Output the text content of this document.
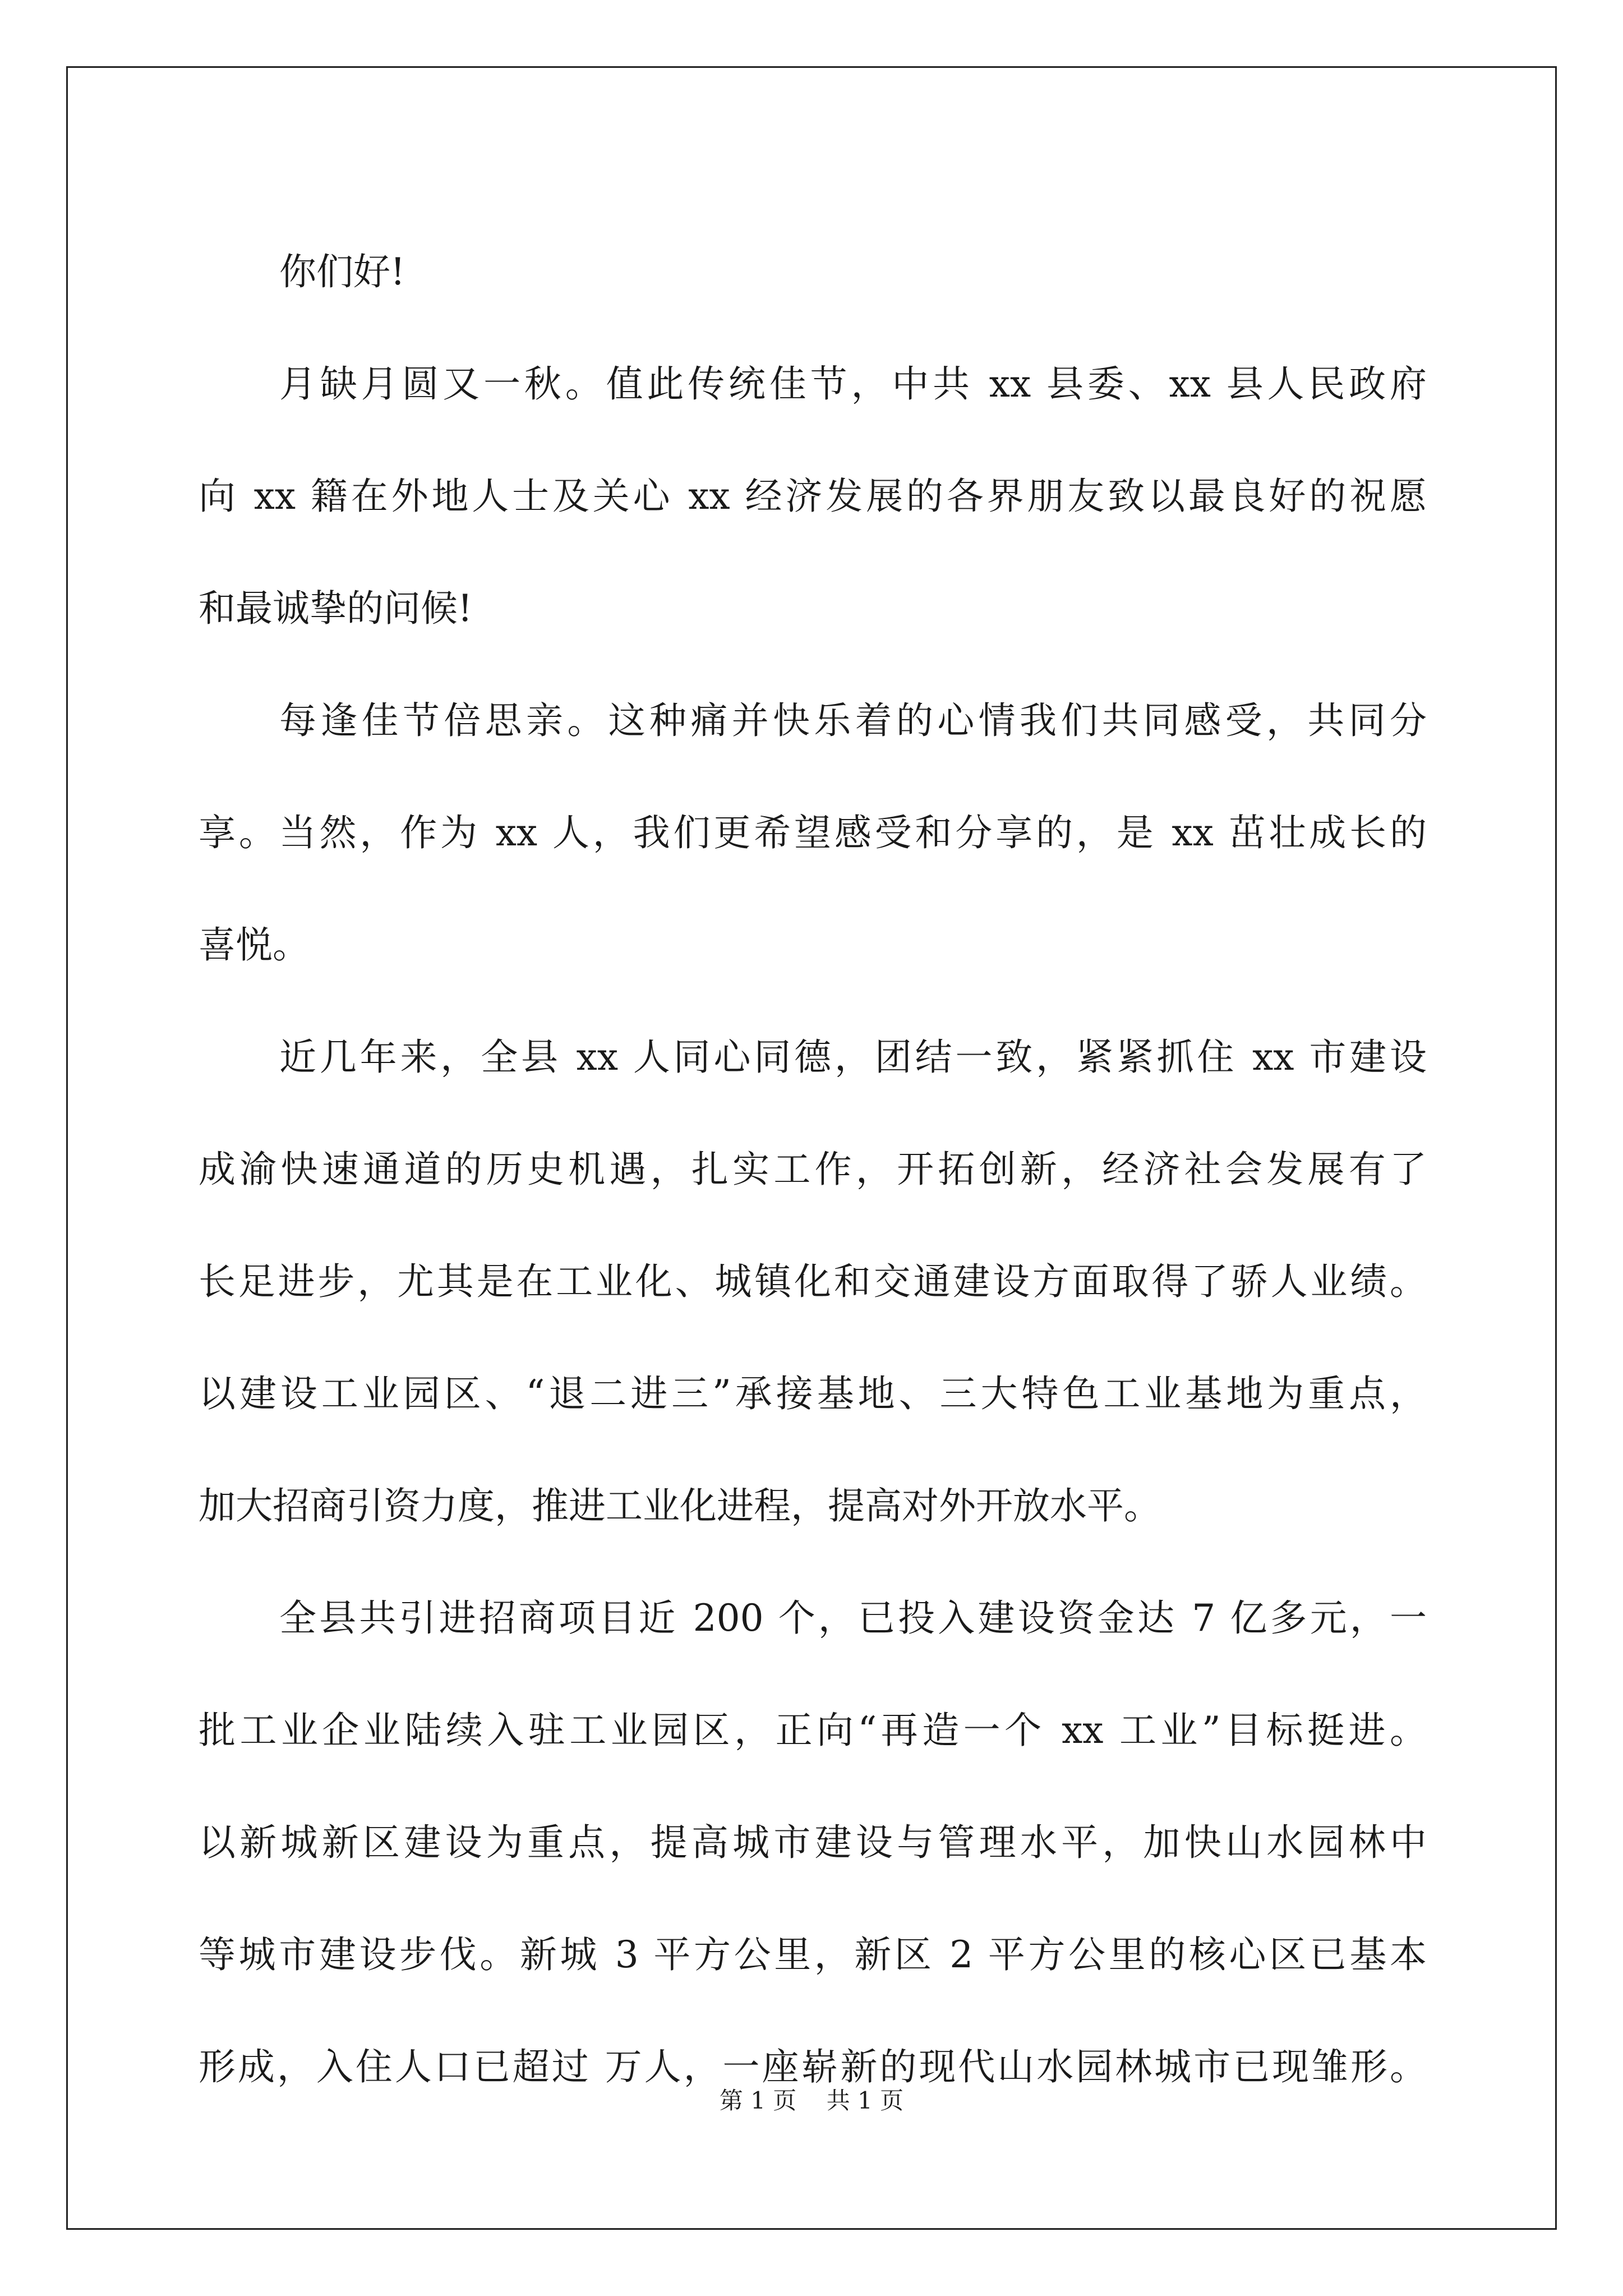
你们好!
月缺月圆又一秋。值此传统佳节，中共 xx 县委、xx 县人民政府
向 xx 籍在外地人士及关心 xx 经济发展的各界朋友致以最良好的祝愿
和最诚挚的问候!
每逢佳节倍思亲。这种痛并快乐着的心情我们共同感受，共同分
享。当然，作为 xx 人，我们更希望感受和分享的，是 xx 茁壮成长的
喜悦。
近几年来，全县 xx 人同心同德，团结一致，紧紧抓住 xx 市建设
成渝快速通道的历史机遇，扎实工作，开拓创新，经济社会发展有了
长足进步，尤其是在工业化、城镇化和交通建设方面取得了骄人业绩。
以建设工业园区、“退二进三”承接基地、三大特色工业基地为重点，
加大招商引资力度，推进工业化进程，提高对外开放水平。
全县共引进招商项目近 200 个，已投入建设资金达 7 亿多元，一
批工业企业陆续入驻工业园区，正向“再造一个 xx 工业”目标挺进。
以新城新区建设为重点，提高城市建设与管理水平，加快山水园林中
等城市建设步伐。新城 3 平方公里，新区 2 平方公里的核心区已基本
形成，入住人口已超过 万人，一座崭新的现代山水园林城市已现雏形。
第 1 页    共 1 页
